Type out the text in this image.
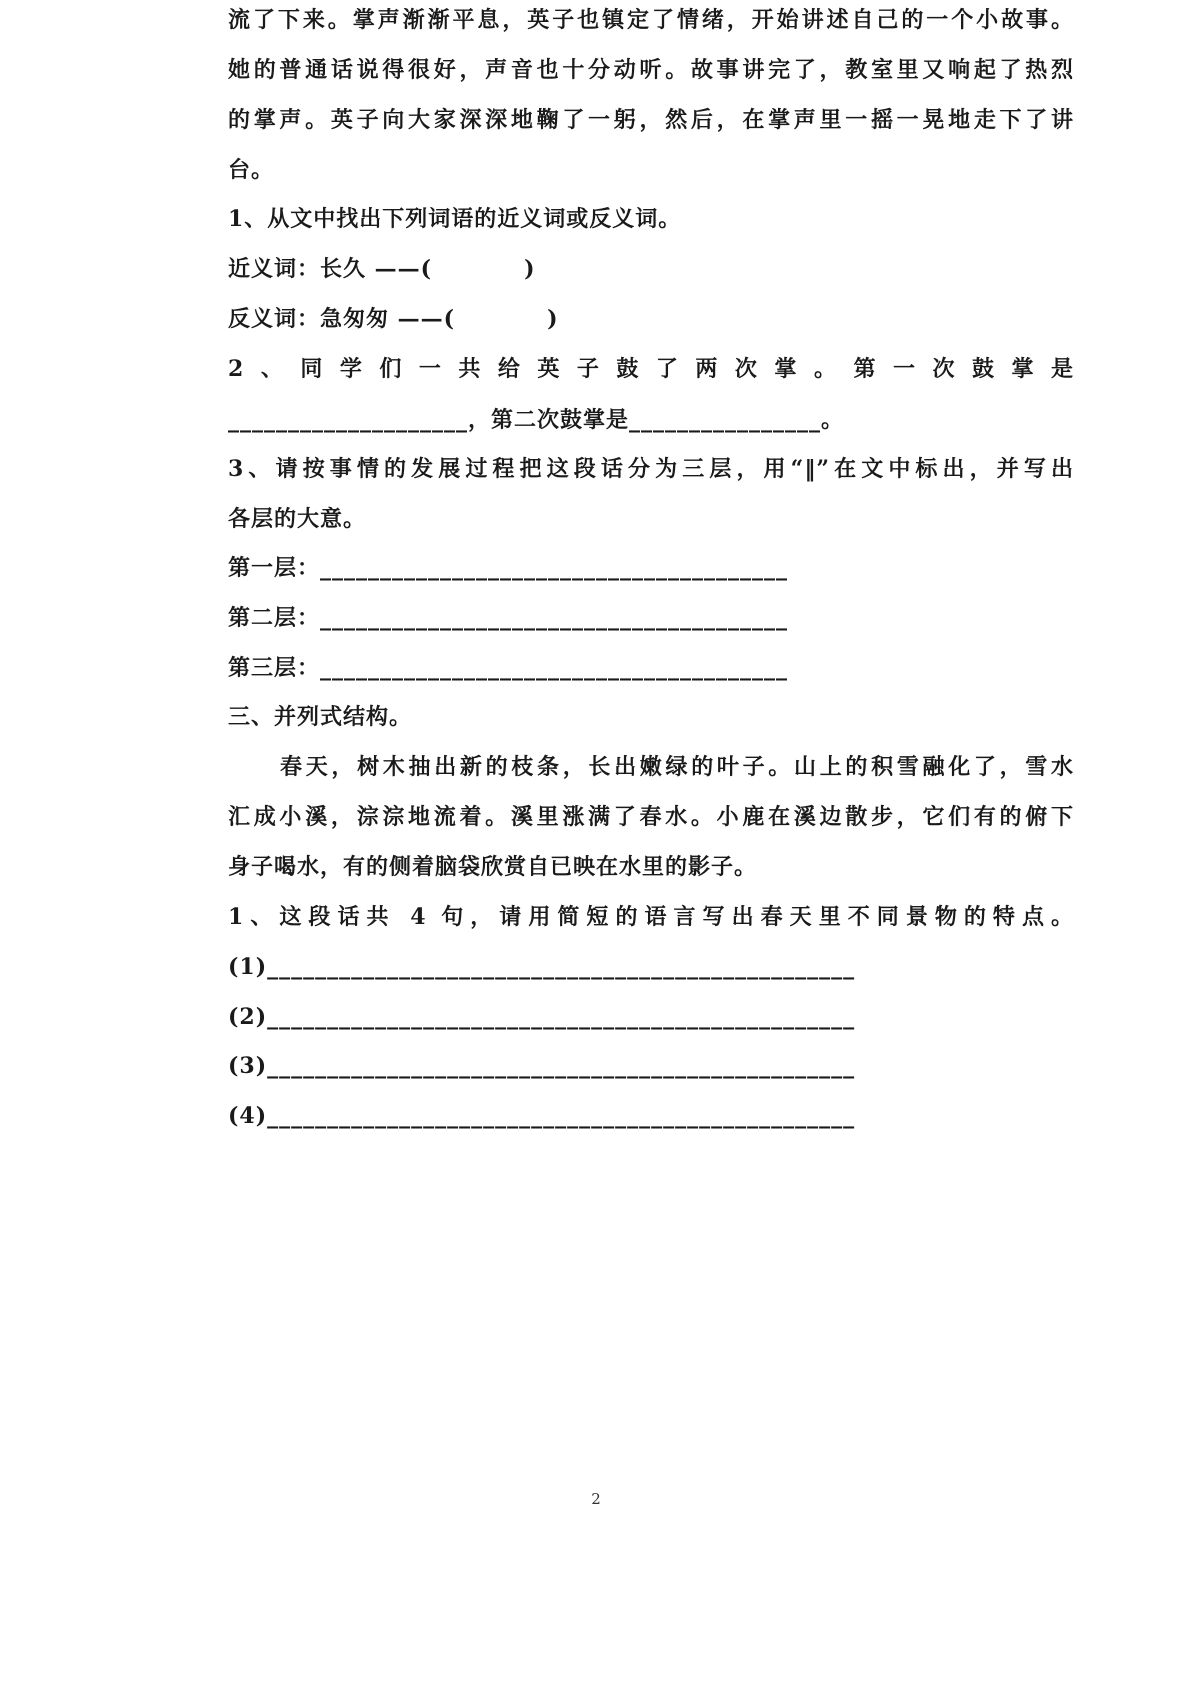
流了下来。掌声渐渐平息，英子也镇定了情绪，开始讲述自己的一个小故事。
她的普通话说得很好，声音也十分动听。故事讲完了，教室里又响起了热烈
的掌声。英子向大家深深地鞠了一躬，然后，在掌声里一摇一晃地走下了讲
台。
1、从文中找出下列词语的近义词或反义词。
近义词：长久 ——(　　　　)
反义词：急匆匆 ——(　　　　)
2、同学们一共给英子鼓了两次掌。第一次鼓掌是
____________________，第二次鼓掌是________________。
3、请按事情的发展过程把这段话分为三层，用“‖”在文中标出，并写出
各层的大意。
第一层：_______________________________________
第二层：_______________________________________
第三层：_______________________________________
三、并列式结构。
春天，树木抽出新的枝条，长出嫩绿的叶子。山上的积雪融化了，雪水
汇成小溪，淙淙地流着。溪里涨满了春水。小鹿在溪边散步，它们有的俯下
身子喝水，有的侧着脑袋欣赏自已映在水里的影子。
1、这段话共 4 句，请用简短的语言写出春天里不同景物的特点。
(1)_________________________________________________
(2)_________________________________________________
(3)_________________________________________________
(4)_________________________________________________
2
